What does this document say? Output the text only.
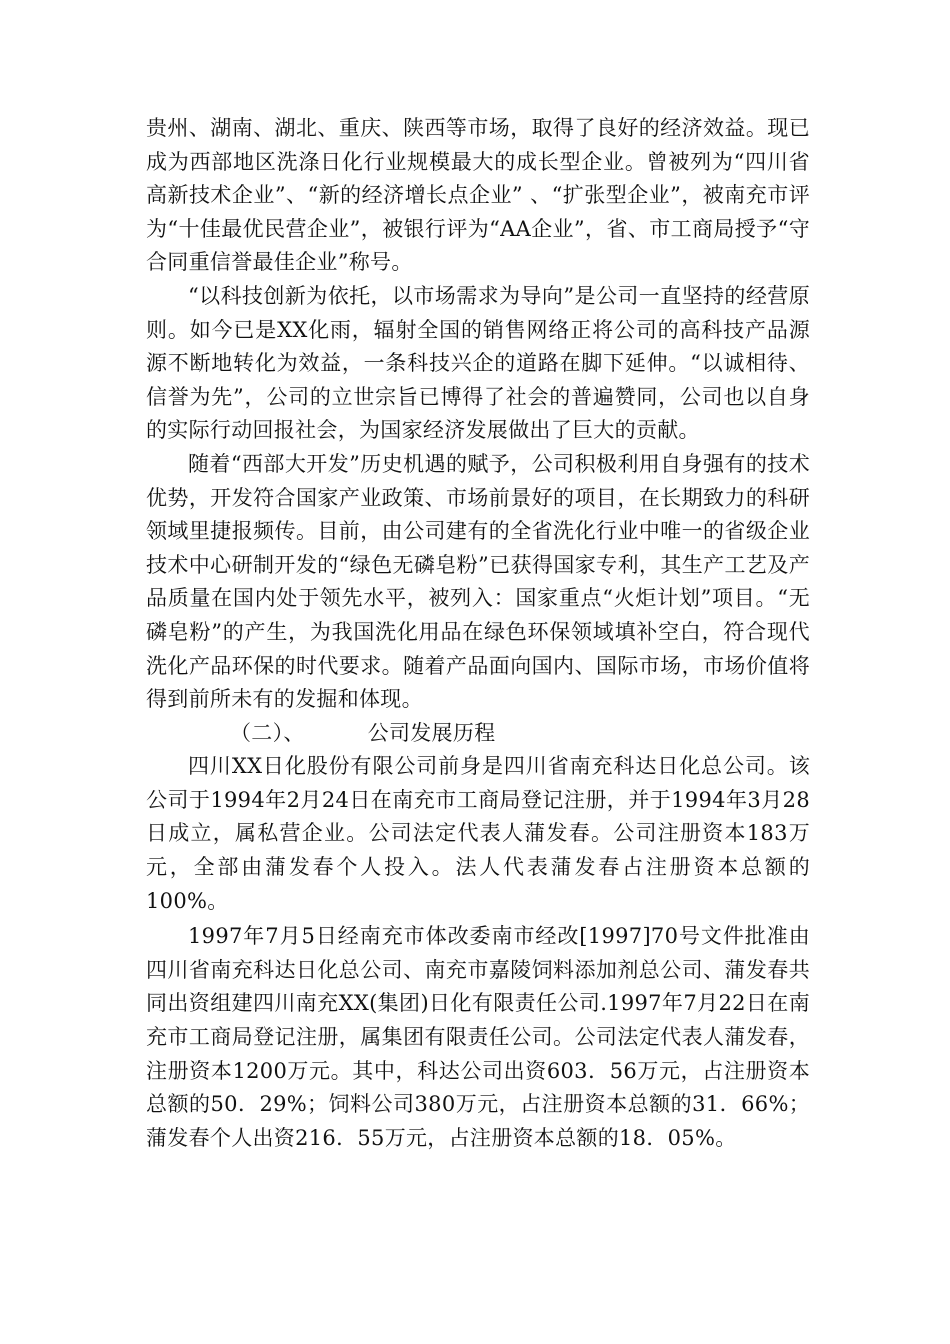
贵州、湖南、湖北、重庆、陕西等市场，取得了良好的经济效益。现已成为西部地区洗涤日化行业规模最大的成长型企业。曾被列为“四川省高新技术企业”、“新的经济增长点企业” 、“扩张型企业”，被南充市评为“十佳最优民营企业”，被银行评为“AA企业”，省、市工商局授予“守合同重信誉最佳企业”称号。

“以科技创新为依托，以市场需求为导向”是公司一直坚持的经营原则。如今已是XX化雨，辐射全国的销售网络正将公司的高科技产品源源不断地转化为效益，一条科技兴企的道路在脚下延伸。“以诚相待、信誉为先”，公司的立世宗旨已博得了社会的普遍赞同，公司也以自身的实际行动回报社会，为国家经济发展做出了巨大的贡献。

随着“西部大开发”历史机遇的赋予，公司积极利用自身强有的技术优势，开发符合国家产业政策、市场前景好的项目，在长期致力的科研领域里捷报频传。目前，由公司建有的全省洗化行业中唯一的省级企业技术中心研制开发的“绿色无磷皂粉”已获得国家专利，其生产工艺及产品质量在国内处于领先水平，被列入：国家重点“火炬计划”项目。“无磷皂粉”的产生，为我国洗化用品在绿色环保领域填补空白，符合现代洗化产品环保的时代要求。随着产品面向国内、国际市场，市场价值将得到前所未有的发掘和体现。

（二）、	公司发展历程

四川XX日化股份有限公司前身是四川省南充科达日化总公司。该公司于1994年2月24日在南充市工商局登记注册，并于1994年3月28日成立，属私营企业。公司法定代表人蒲发春。公司注册资本183万元，全部由蒲发春个人投入。法人代表蒲发春占注册资本总额的100%。

1997年7月5日经南充市体改委南市经改[1997]70号文件批准由四川省南充科达日化总公司、南充市嘉陵饲料添加剂总公司、蒲发春共同出资组建四川南充XX(集团)日化有限责任公司.1997年7月22日在南充市工商局登记注册，属集团有限责任公司。公司法定代表人蒲发春，注册资本1200万元。其中，科达公司出资603．56万元，占注册资本总额的50．29%；饲料公司380万元，占注册资本总额的31．66%；蒲发春个人出资216．55万元，占注册资本总额的18．05%。
